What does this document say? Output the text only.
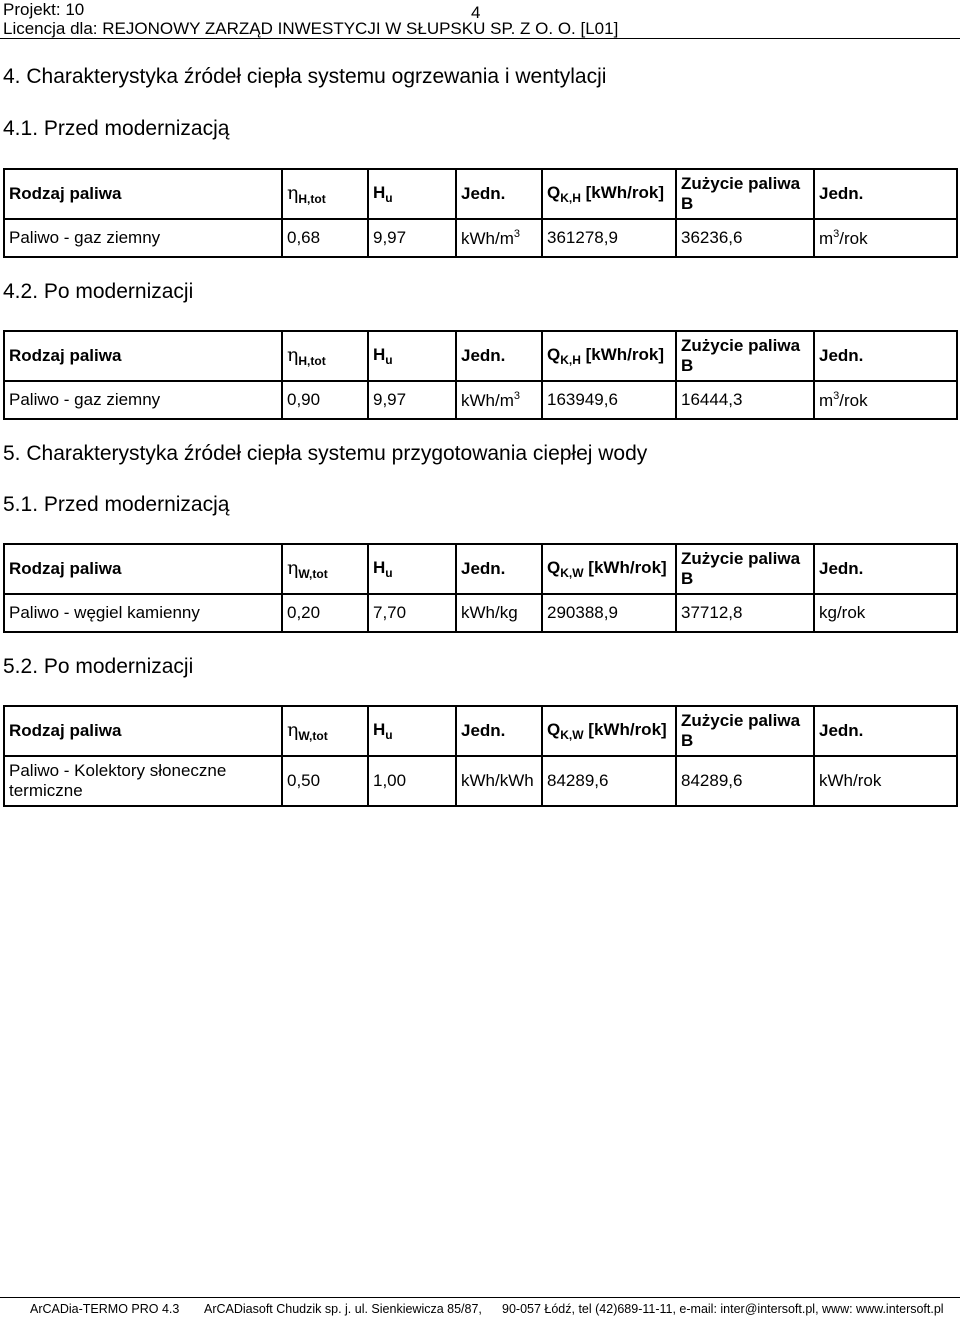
Projekt: 10	4
Licencja dla: REJONOWY ZARZĄD INWESTYCJI W SŁUPSKU SP. Z O. O. [L01]
4. Charakterystyka źródeł ciepła systemu ogrzewania i wentylacji
4.1. Przed modernizacją
Rodzaj paliwa	$\eta_{H,tot}$	$H_u$	Jedn.	$Q_{K,H}$ [kWh/rok]	Zużycie paliwa B	Jedn.
Paliwo - gaz ziemny	0,68	9,97	kWh/$m^3$	361278,9	36236,6	$m^3$/rok
4.2. Po modernizacji
Rodzaj paliwa	$\eta_{H,tot}$	$H_u$	Jedn.	$Q_{K,H}$ [kWh/rok]	Zużycie paliwa B	Jedn.
Paliwo - gaz ziemny	0,90	9,97	kWh/$m^3$	163949,6	16444,3	$m^3$/rok
5. Charakterystyka źródeł ciepła systemu przygotowania ciepłej wody
5.1. Przed modernizacją
Rodzaj paliwa	$\eta_{W,tot}$	$H_u$	Jedn.	$Q_{K,W}$ [kWh/rok]	Zużycie paliwa B	Jedn.
Paliwo - węgiel kamienny	0,20	7,70	kWh/kg	290388,9	37712,8	kg/rok
5.2. Po modernizacji
Rodzaj paliwa	$\eta_{W,tot}$	$H_u$	Jedn.	$Q_{K,W}$ [kWh/rok]	Zużycie paliwa B	Jedn.
Paliwo - Kolektory słoneczne termiczne	0,50	1,00	kWh/kWh	84289,6	84289,6	kWh/rok
ArCADia-TERMO PRO 4.3 ArCADiasoft Chudzik sp. j. ul. Sienkiewicza 85/87, 90-057 Łódź, tel (42)689-11-11, e-mail: inter@intersoft.pl, www: www.intersoft.pl
